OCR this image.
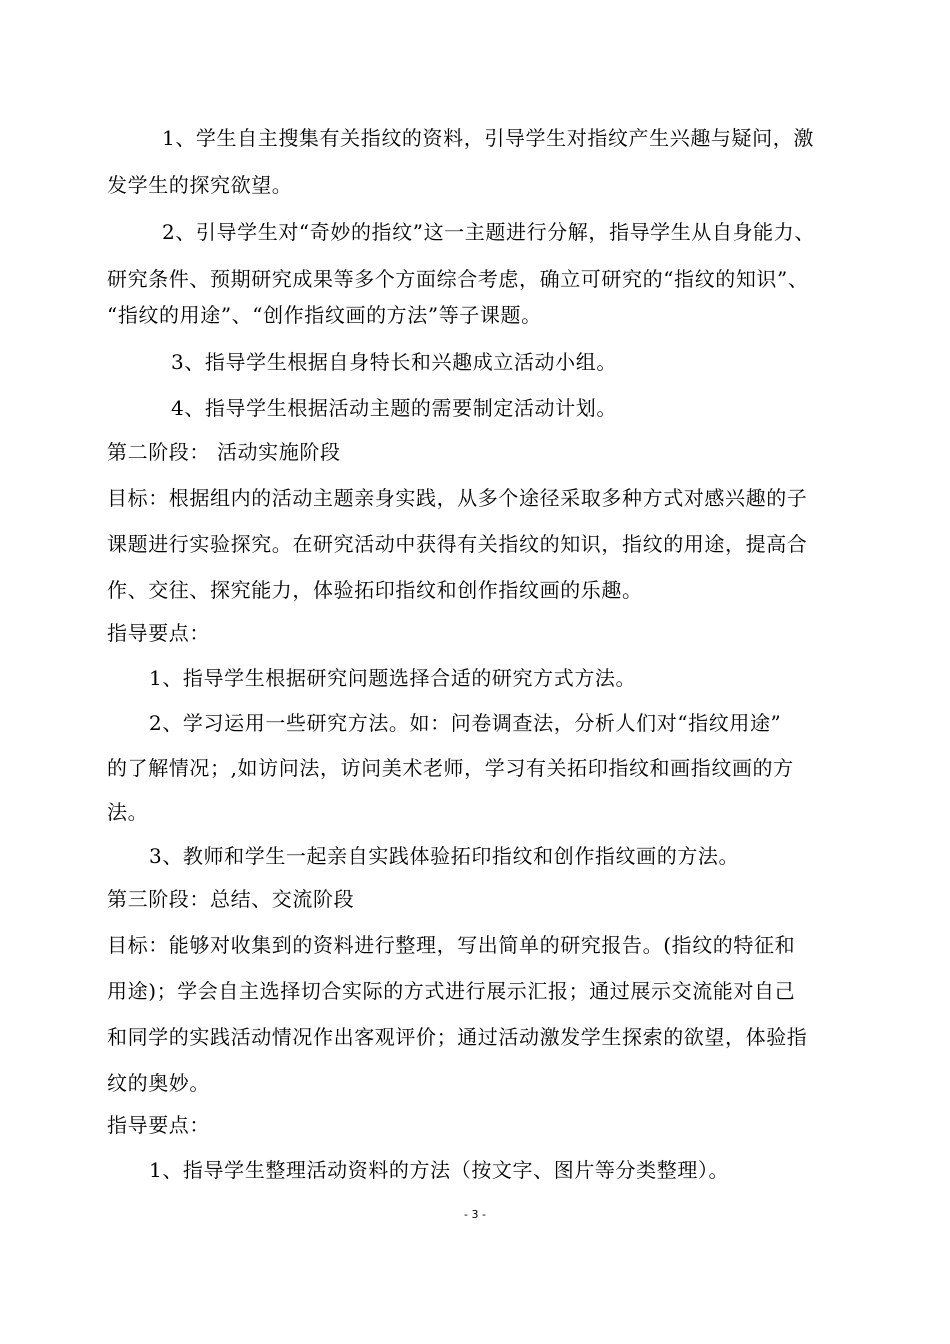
1、学生自主搜集有关指纹的资料，引导学生对指纹产生兴趣与疑问，激
发学生的探究欲望。
2、引导学生对“奇妙的指纹”这一主题进行分解，指导学生从自身能力、
研究条件、预期研究成果等多个方面综合考虑，确立可研究的“指纹的知识”、
“指纹的用途”、“创作指纹画的方法”等子课题。
3、指导学生根据自身特长和兴趣成立活动小组。
4、指导学生根据活动主题的需要制定活动计划。
第二阶段： 活动实施阶段
目标：根据组内的活动主题亲身实践，从多个途径采取多种方式对感兴趣的子
课题进行实验探究。在研究活动中获得有关指纹的知识，指纹的用途，提高合
作、交往、探究能力，体验拓印指纹和创作指纹画的乐趣。
指导要点：
1、指导学生根据研究问题选择合适的研究方式方法。
2、学习运用一些研究方法。如：问卷调查法，分析人们对“指纹用途”
的了解情况；,如访问法，访问美术老师，学习有关拓印指纹和画指纹画的方
法。
3、教师和学生一起亲自实践体验拓印指纹和创作指纹画的方法。
第三阶段：总结、交流阶段
目标：能够对收集到的资料进行整理，写出简单的研究报告。(指纹的特征和
用途)；学会自主选择切合实际的方式进行展示汇报；通过展示交流能对自己
和同学的实践活动情况作出客观评价；通过活动激发学生探索的欲望，体验指
纹的奥妙。
指导要点：
1、指导学生整理活动资料的方法（按文字、图片等分类整理）。
- 3 -
